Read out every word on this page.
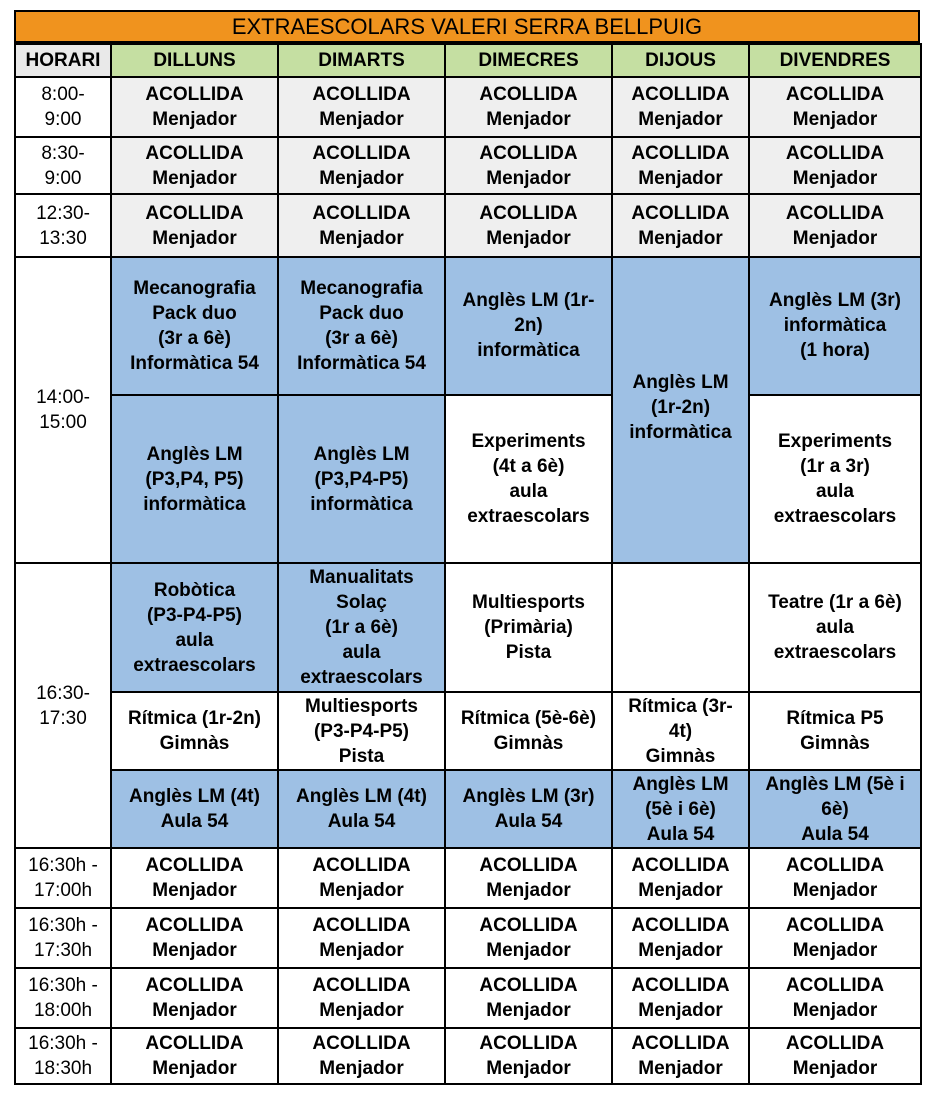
EXTRAESCOLARS VALERI SERRA BELLPUIG
HORARI	DILLUNS	DIMARTS	DIMECRES	DIJOUS	DIVENDRES

8:00-
9:00	ACOLLIDA
Menjador	ACOLLIDA
Menjador	ACOLLIDA
Menjador	ACOLLIDA
Menjador	ACOLLIDA
Menjador

8:30-
9:00	ACOLLIDA
Menjador	ACOLLIDA
Menjador	ACOLLIDA
Menjador	ACOLLIDA
Menjador	ACOLLIDA
Menjador

12:30-
13:30	ACOLLIDA
Menjador	ACOLLIDA
Menjador	ACOLLIDA
Menjador	ACOLLIDA
Menjador	ACOLLIDA
Menjador

14:00-
15:00	Mecanografia
Pack duo
(3r a 6è)
Informàtica 54	Mecanografia
Pack duo
(3r a 6è)
Informàtica 54	Anglès LM (1r-
2n)
informàtica	Anglès LM
(1r-2n)
informàtica	Anglès LM (3r)
informàtica
(1 hora)

	Anglès LM
(P3,P4, P5)
informàtica	Anglès LM
(P3,P4-P5)
informàtica	Experiments
(4t a 6è)
aula
extraescolars		Experiments
(1r a 3r)
aula
extraescolars

16:30-
17:30	Robòtica
(P3-P4-P5)
aula
extraescolars	Manualitats
Solaç
(1r a 6è)
aula
extraescolars	Multiesports
(Primària)
Pista		Teatre (1r a 6è)
aula
extraescolars

	Rítmica (1r-2n)
Gimnàs	Multiesports
(P3-P4-P5)
Pista	Rítmica (5è-6è)
Gimnàs	Rítmica (3r-
4t)
Gimnàs	Rítmica P5
Gimnàs

	Anglès LM (4t)
Aula 54	Anglès LM (4t)
Aula 54	Anglès LM (3r)
Aula 54	Anglès LM
(5è i 6è)
Aula 54	Anglès LM (5è i
6è)
Aula 54

16:30h -
17:00h	ACOLLIDA
Menjador	ACOLLIDA
Menjador	ACOLLIDA
Menjador	ACOLLIDA
Menjador	ACOLLIDA
Menjador

16:30h -
17:30h	ACOLLIDA
Menjador	ACOLLIDA
Menjador	ACOLLIDA
Menjador	ACOLLIDA
Menjador	ACOLLIDA
Menjador

16:30h -
18:00h	ACOLLIDA
Menjador	ACOLLIDA
Menjador	ACOLLIDA
Menjador	ACOLLIDA
Menjador	ACOLLIDA
Menjador

16:30h -
18:30h	ACOLLIDA
Menjador	ACOLLIDA
Menjador	ACOLLIDA
Menjador	ACOLLIDA
Menjador	ACOLLIDA
Menjador
